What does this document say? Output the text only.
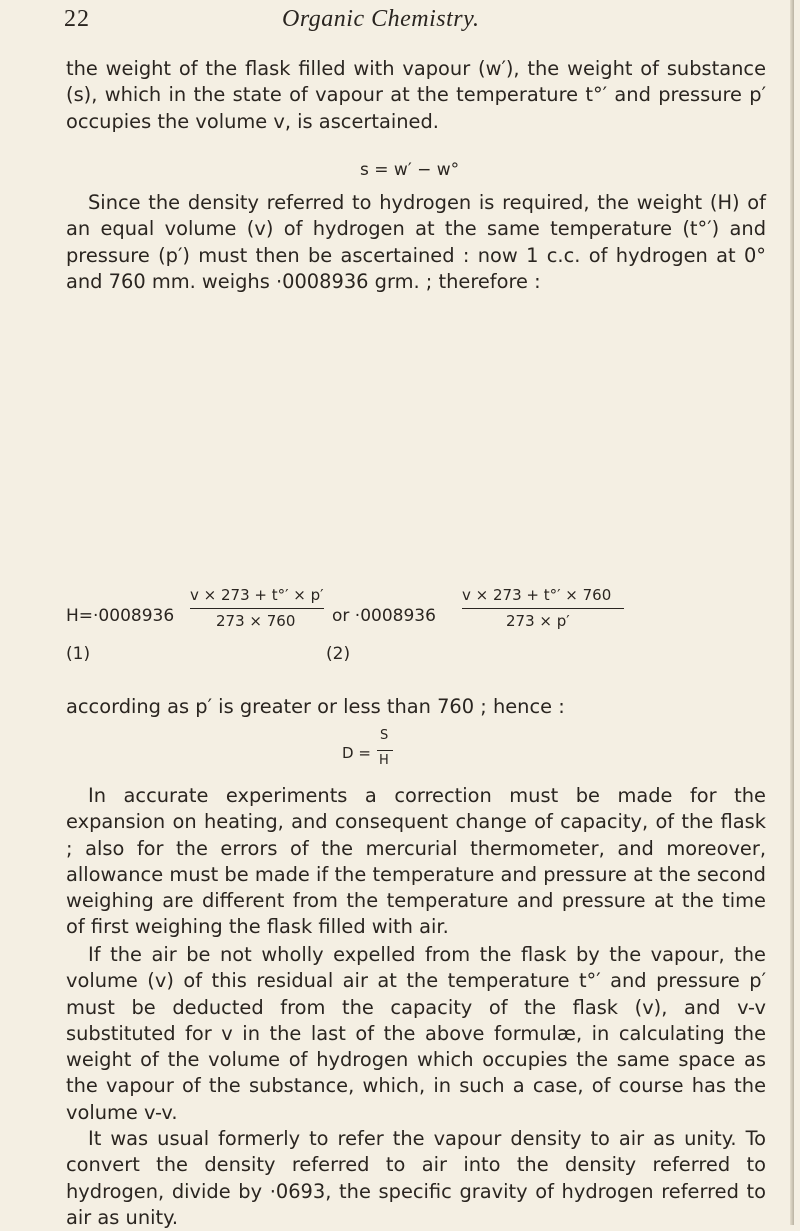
22	Organic Chemistry.

the weight of the flask filled with vapour (w′), the weight of substance (s), which in the state of vapour at the temperature t°′ and pressure p′ occupies the volume v, is ascertained.

s = w′ − w°

Since the density referred to hydrogen is required, the weight (H) of an equal volume (v) of hydrogen at the same temperature (t°′) and pressure (p′) must then be ascertained : now 1 c.c. of hydrogen at 0° and 760 mm. weighs ·0008936 grm. ; therefore :

H=·0008936
v × 273 + t°′ × p′
273 × 760 or ·0008936
v × 273 + t°′ × 760
273 × p′
(1)	(2)

according as p′ is greater or less than 760 ; hence :

D =
S
H

In accurate experiments a correction must be made for the expansion on heating, and consequent change of capacity, of the flask ; also for the errors of the mercurial thermometer, and moreover, allowance must be made if the temperature and pressure at the second weighing are different from the temperature and pressure at the time of first weighing the flask filled with air.

If the air be not wholly expelled from the flask by the vapour, the volume (v) of this residual air at the temperature t°′ and pressure p′ must be deducted from the capacity of the flask (v), and v-v substituted for v in the last of the above formulæ, in calculating the weight of the volume of hydrogen which occupies the same space as the vapour of the substance, which, in such a case, of course has the volume v-v.

It was usual formerly to refer the vapour density to air as unity. To convert the density referred to air into the density referred to hydrogen, divide by ·0693, the specific gravity of hydrogen referred to air as unity.
